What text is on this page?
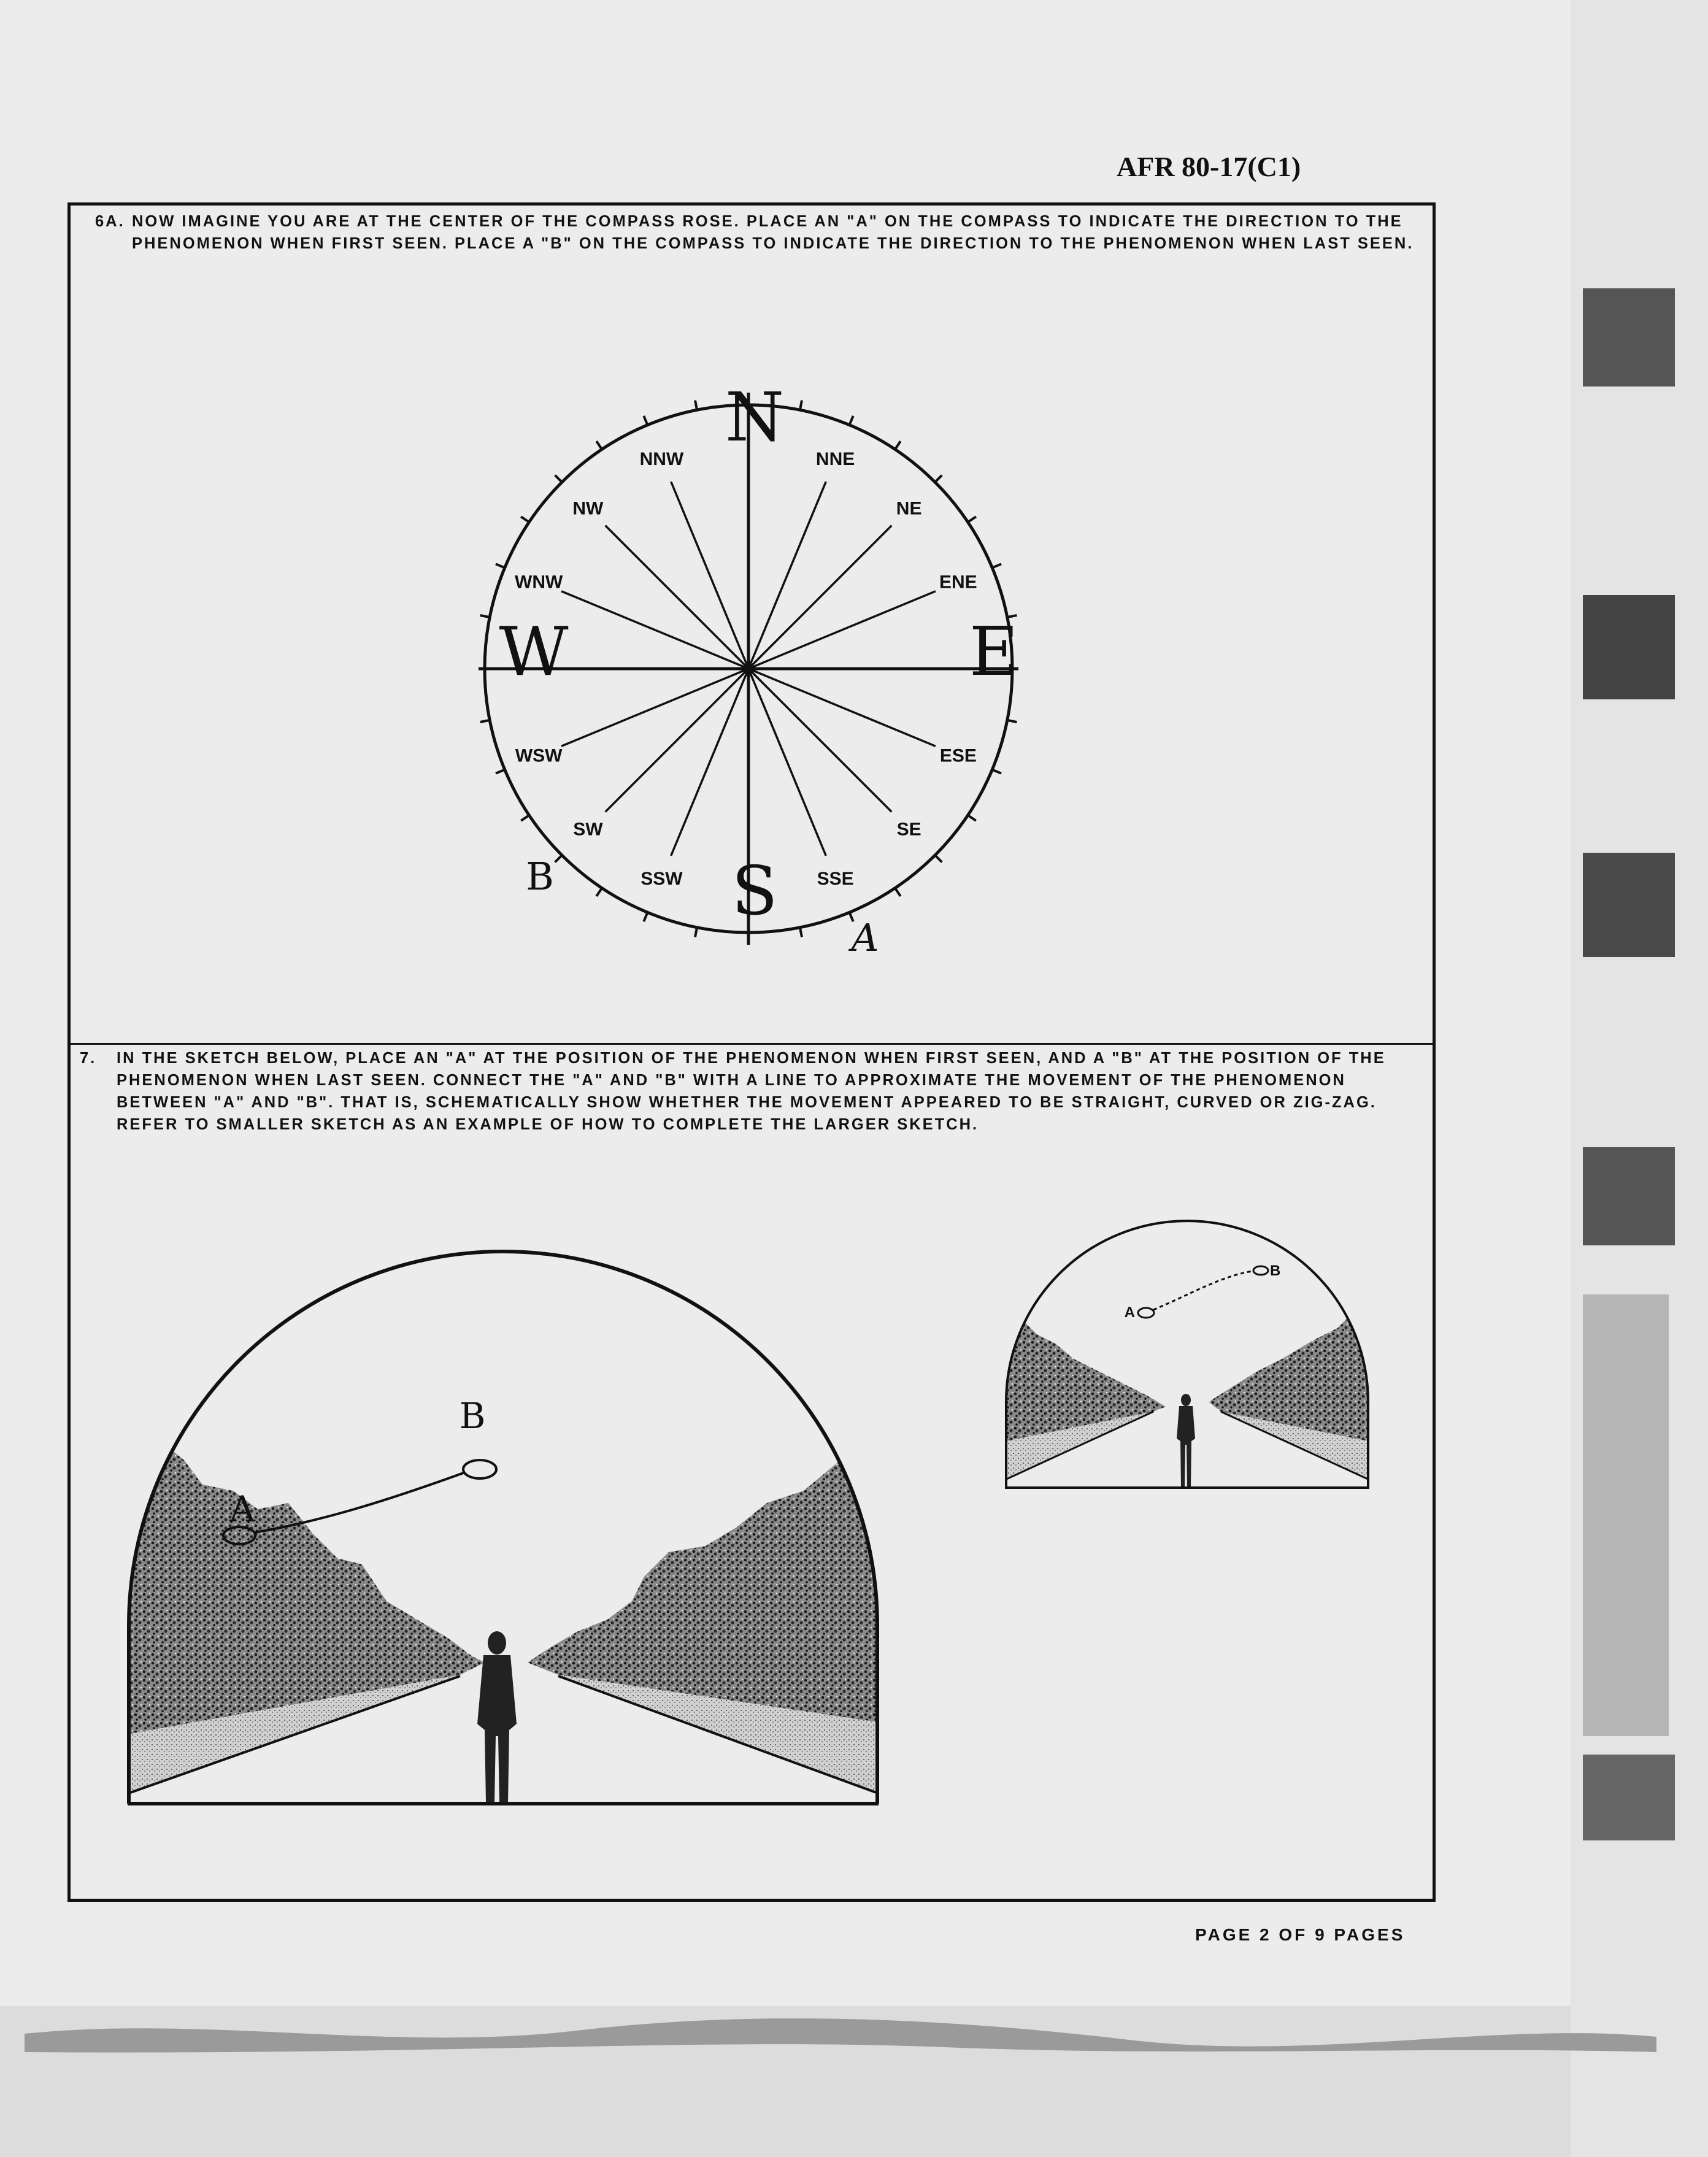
AFR 80-17(C1)

6A. NOW IMAGINE YOU ARE AT THE CENTER OF THE COMPASS ROSE. PLACE AN "A" ON THE COMPASS TO INDICATE THE DIRECTION TO THE PHENOMENON WHEN FIRST SEEN. PLACE A "B" ON THE COMPASS TO INDICATE THE DIRECTION TO THE PHENOMENON WHEN LAST SEEN.

7. IN THE SKETCH BELOW, PLACE AN "A" AT THE POSITION OF THE PHENOMENON WHEN FIRST SEEN, AND A "B" AT THE POSITION OF THE PHENOMENON WHEN LAST SEEN. CONNECT THE "A" AND "B" WITH A LINE TO APPROXIMATE THE MOVEMENT OF THE PHENOMENON BETWEEN "A" AND "B". THAT IS, SCHEMATICALLY SHOW WHETHER THE MOVEMENT APPEARED TO BE STRAIGHT, CURVED OR ZIG-ZAG. REFER TO SMALLER SKETCH AS AN EXAMPLE OF HOW TO COMPLETE THE LARGER SKETCH.

N
E
S
W
NNE
NE
ENE
ESE
SE
SSE
SSW
SW
WSW
WNW
NW
NNW
B
A
A
B
A
B
PAGE 2 OF 9 PAGES
